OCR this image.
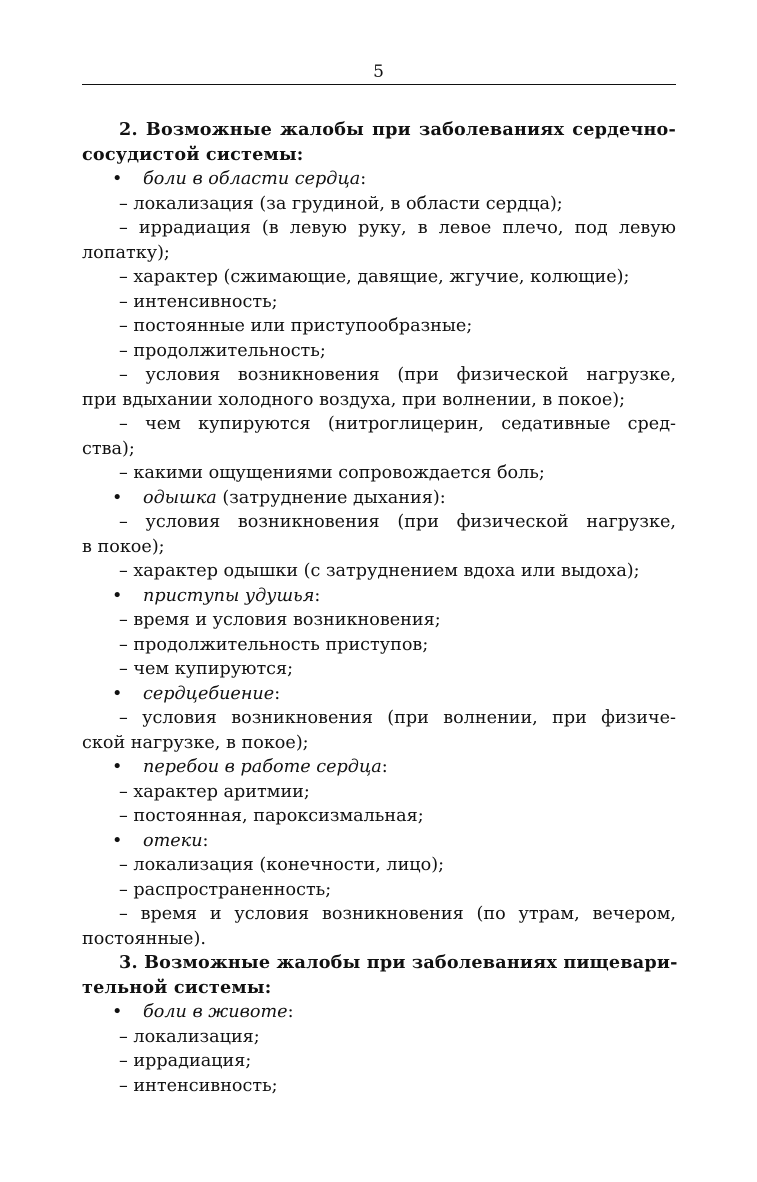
5
2. Возможные жалобы при заболеваниях сердечно-
сосудистой системы:
• боли в области сердца:
– локализация (за грудиной, в области сердца);
– иррадиация (в левую руку, в левое плечо, под левую
лопатку);
– характер (сжимающие, давящие, жгучие, колющие);
– интенсивность;
– постоянные или приступообразные;
– продолжительность;
– условия возникновения (при физической нагрузке,
при вдыхании холодного воздуха, при волнении, в покое);
– чем купируются (нитроглицерин, седативные сред-
ства);
– какими ощущениями сопровождается боль;
• одышка (затруднение дыхания):
– условия возникновения (при физической нагрузке,
в покое);
– характер одышки (с затруднением вдоха или выдоха);
• приступы удушья:
– время и условия возникновения;
– продолжительность приступов;
– чем купируются;
• сердцебиение:
– условия возникновения (при волнении, при физиче-
ской нагрузке, в покое);
• перебои в работе сердца:
– характер аритмии;
– постоянная, пароксизмальная;
• отеки:
– локализация (конечности, лицо);
– распространенность;
– время и условия возникновения (по утрам, вечером,
постоянные).
3. Возможные жалобы при заболеваниях пищевари-
тельной системы:
• боли в животе:
– локализация;
– иррадиация;
– интенсивность;
